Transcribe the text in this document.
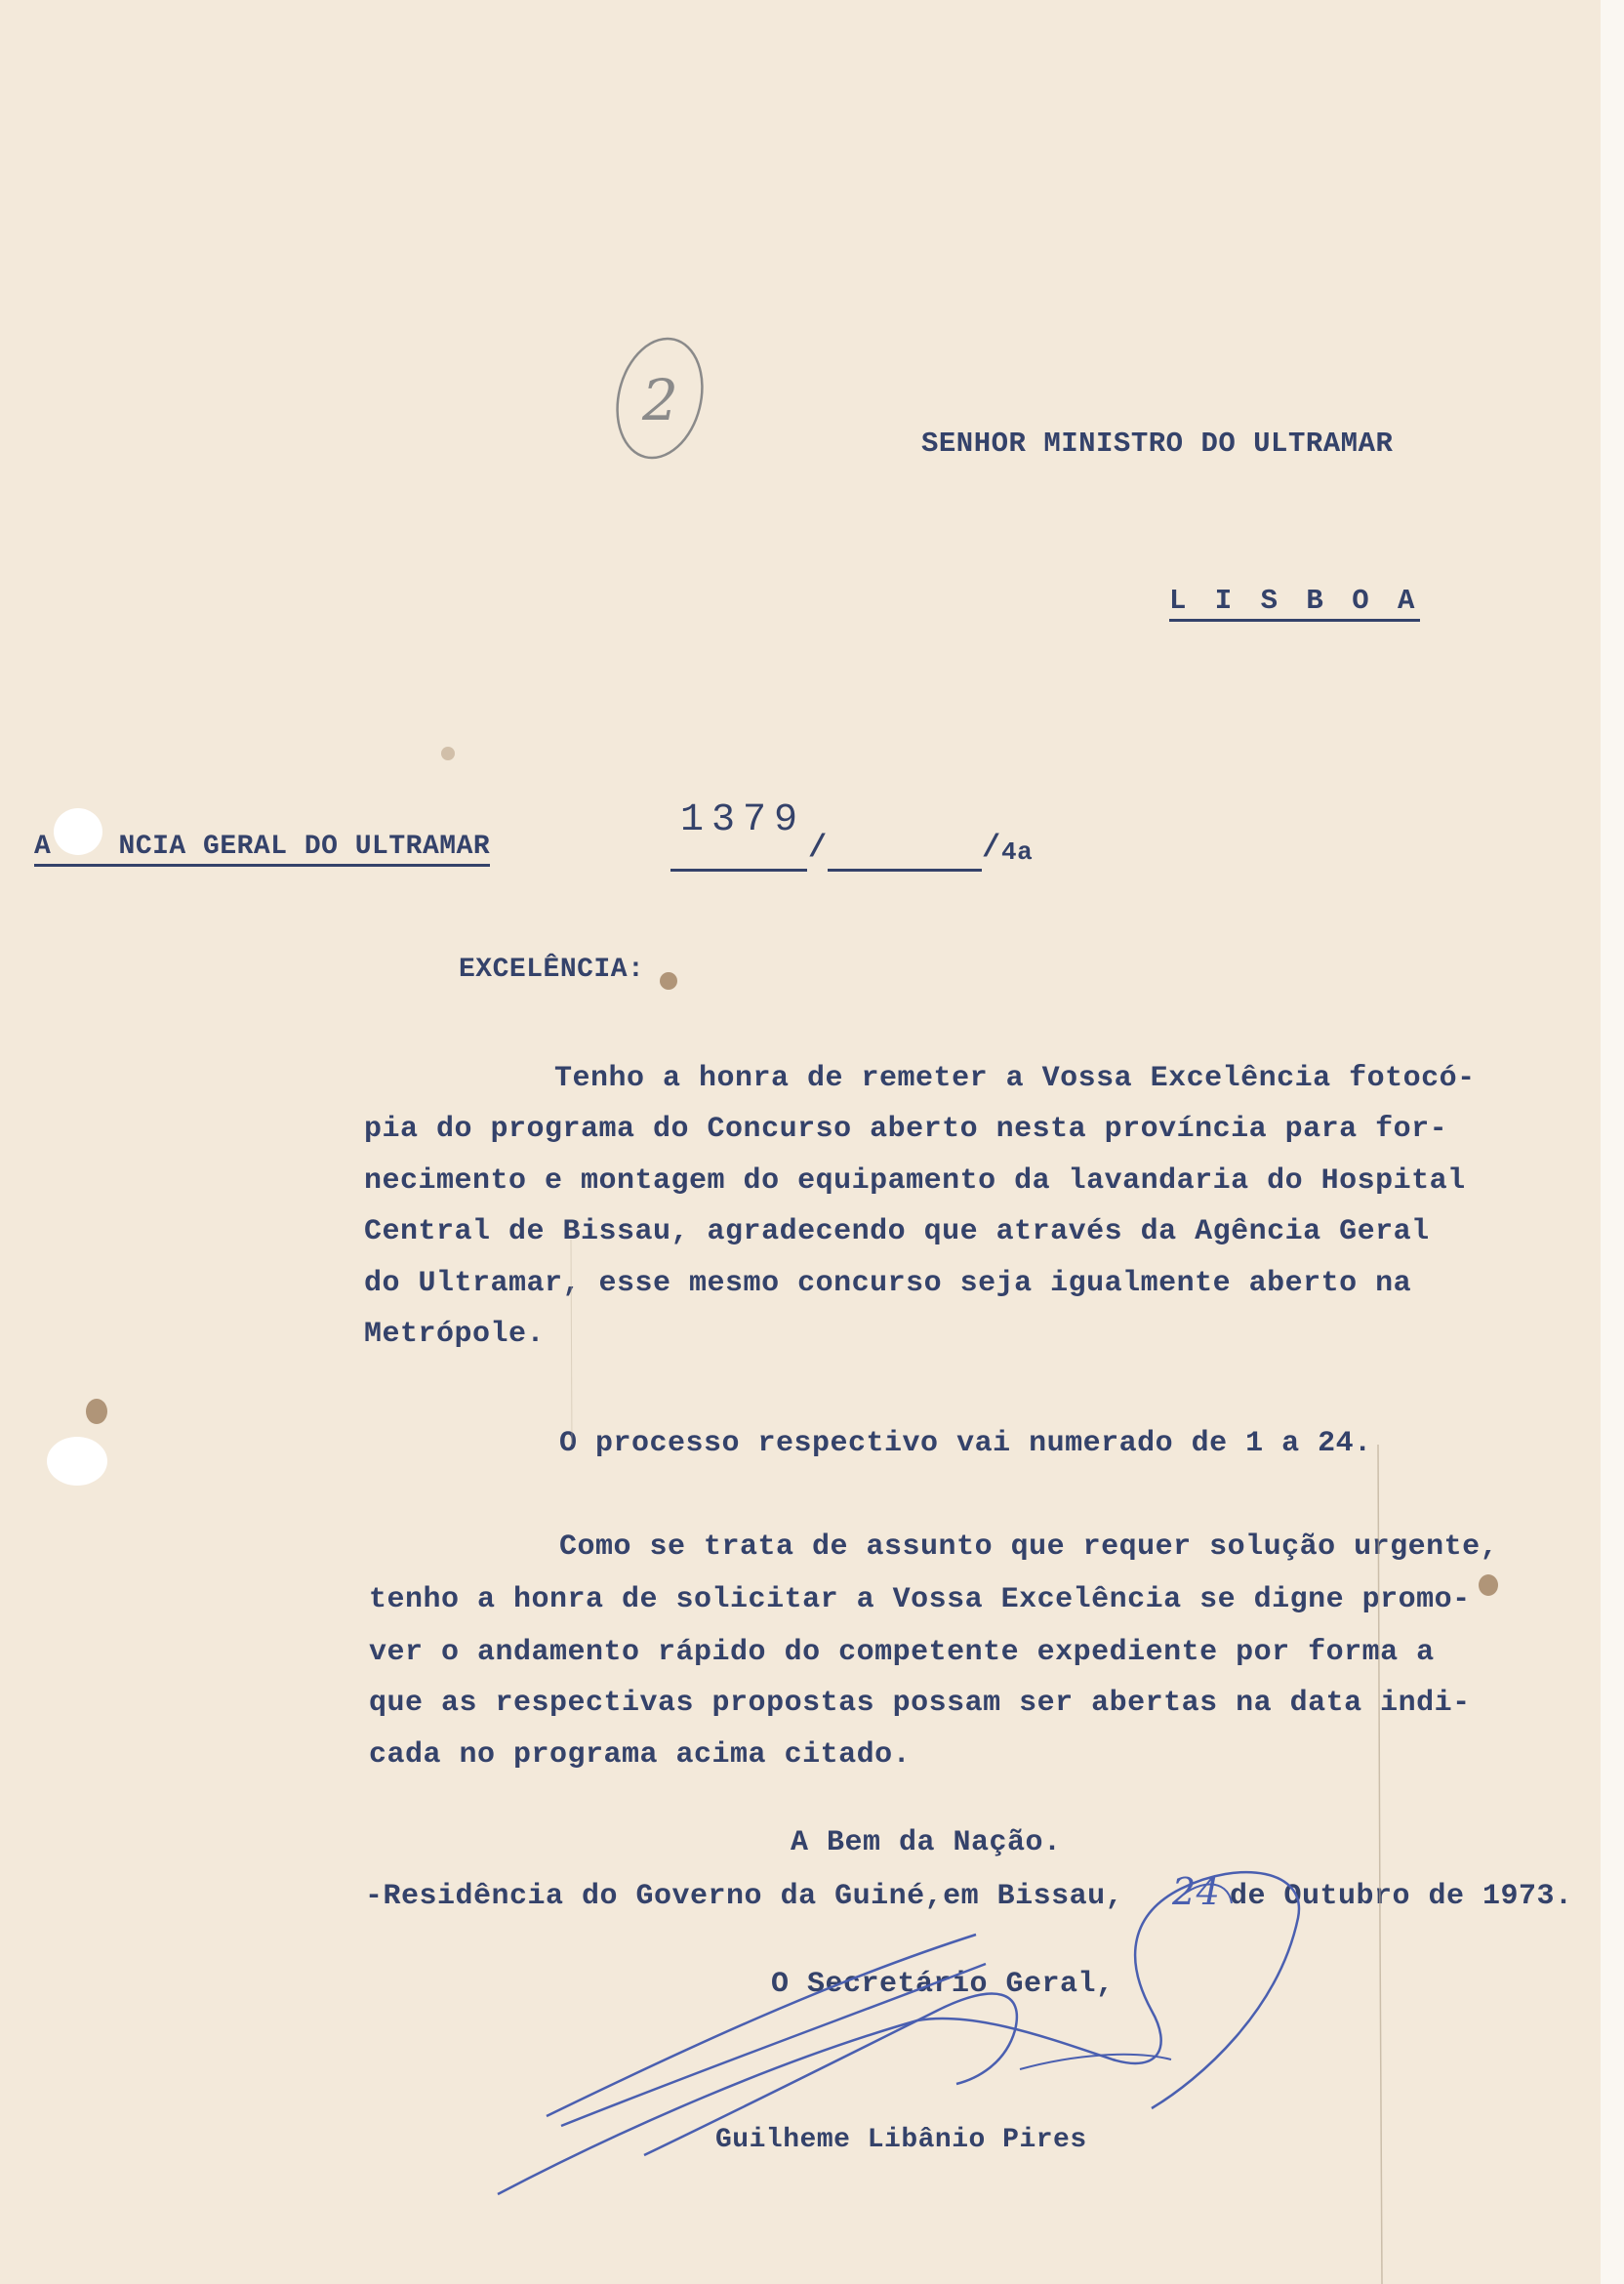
2
SENHOR MINISTRO DO ULTRAMAR
L I S B O A
A    NCIA GERAL DO ULTRAMAR
1379
/	/ 4a
EXCELÊNCIA:
Tenho a honra de remeter a Vossa Excelência fotocó-
pia do programa do Concurso aberto nesta província para for-
necimento e montagem do equipamento da lavandaria do Hospital
Central de Bissau, agradecendo que através da Agência Geral
do Ultramar, esse mesmo concurso seja igualmente aberto na
Metrópole.
O processo respectivo vai numerado de 1 a 24.
Como se trata de assunto que requer solução urgente,
tenho a honra de solicitar a Vossa Excelência se digne promo-
ver o andamento rápido do competente expediente por forma a
que as respectivas propostas possam ser abertas na data indi-
cada no programa acima citado.
A Bem da Nação.
-Residência do Governo da Guiné,em Bissau, 24 de Outubro de 1973.
O Secretário Geral,
Guilheme Libânio Pires
